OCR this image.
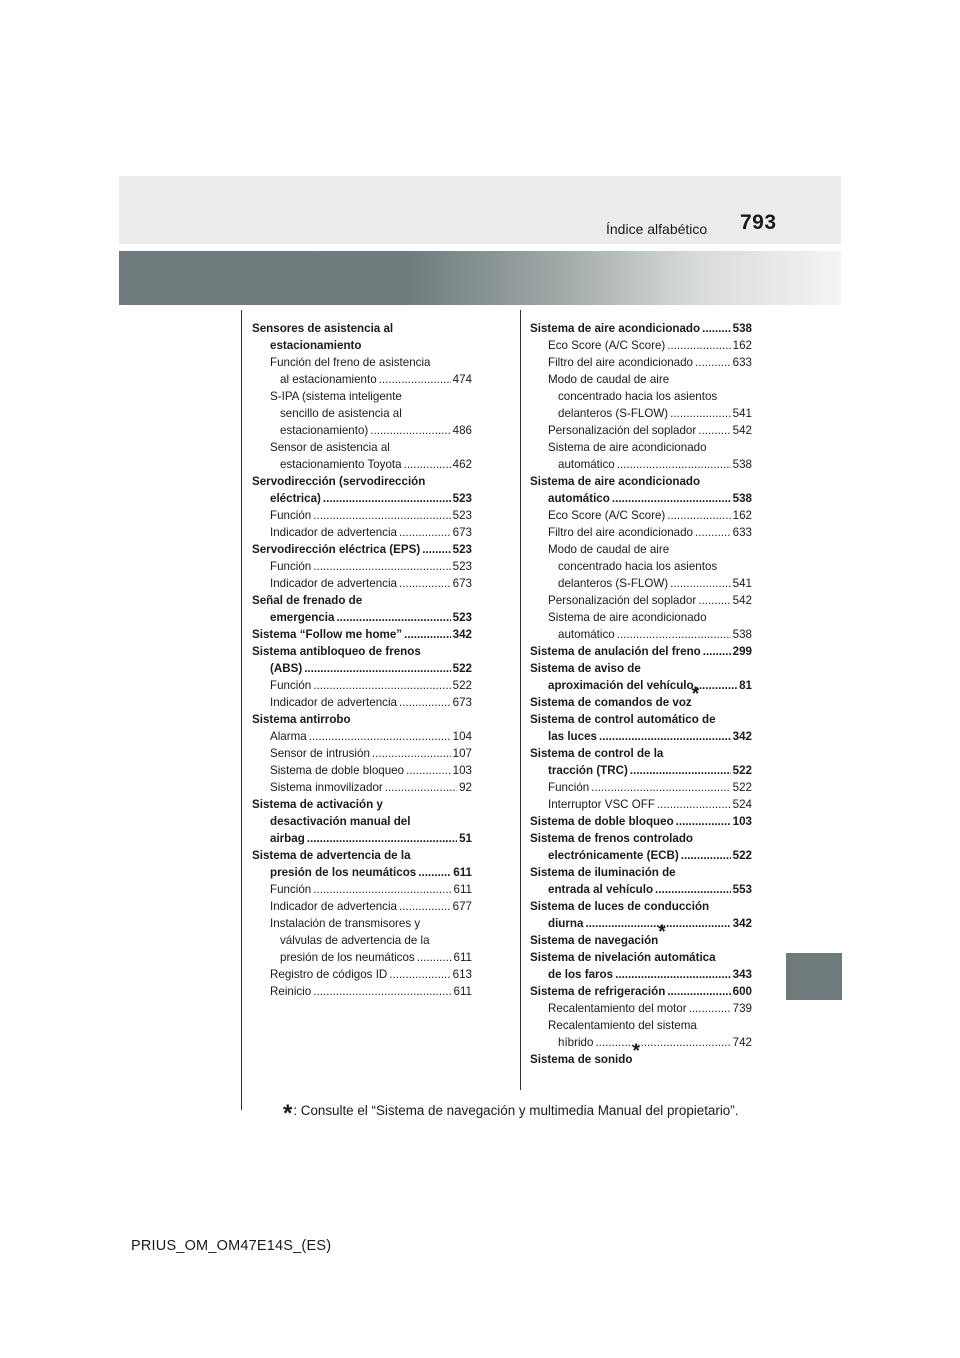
793
Índice alfabético
Sensores de asistencia al
estacionamiento
Función del freno de asistencia
al estacionamiento .....	474
S-IPA (sistema inteligente
sencillo de asistencia al
estacionamiento) .....	486
Sensor de asistencia al
estacionamiento Toyota .....	462
Servodirección (servodirección
eléctrica) .....	523
Función .....	523
Indicador de advertencia .....	673
Servodirección eléctrica (EPS) .....	523
Función .....	523
Indicador de advertencia .....	673
Señal de frenado de
emergencia .....	523
Sistema “Follow me home” .....	342
Sistema antibloqueo de frenos
(ABS) .....	522
Función .....	522
Indicador de advertencia .....	673
Sistema antirrobo
Alarma .....	104
Sensor de intrusión .....	107
Sistema de doble bloqueo .....	103
Sistema inmovilizador .....	92
Sistema de activación y
desactivación manual del
airbag .....	51
Sistema de advertencia de la
presión de los neumáticos .....	611
Función .....	611
Indicador de advertencia .....	677
Instalación de transmisores y
válvulas de advertencia de la
presión de los neumáticos .....	611
Registro de códigos ID .....	613
Reinicio .....	611
Sistema de aire acondicionado .....	538
Eco Score (A/C Score) .....	162
Filtro del aire acondicionado .....	633
Modo de caudal de aire
concentrado hacia los asientos
delanteros (S-FLOW) .....	541
Personalización del soplador .....	542
Sistema de aire acondicionado
automático .....	538
Sistema de aire acondicionado
automático .....	538
Eco Score (A/C Score) .....	162
Filtro del aire acondicionado .....	633
Modo de caudal de aire
concentrado hacia los asientos
delanteros (S-FLOW) .....	541
Personalización del soplador .....	542
Sistema de aire acondicionado
automático .....	538
Sistema de anulación del freno .....	299
Sistema de aviso de
aproximación del vehículo .....	81
Sistema de comandos de voz*
Sistema de control automático de
las luces .....	342
Sistema de control de la
tracción (TRC) .....	522
Función .....	522
Interruptor VSC OFF .....	524
Sistema de doble bloqueo .....	103
Sistema de frenos controlado
electrónicamente (ECB) .....	522
Sistema de iluminación de
entrada al vehículo .....	553
Sistema de luces de conducción
diurna .....	342
Sistema de navegación*
Sistema de nivelación automática
de los faros .....	343
Sistema de refrigeración .....	600
Recalentamiento del motor .....	739
Recalentamiento del sistema
híbrido .....	742
Sistema de sonido*
*: Consulte el “Sistema de navegación y multimedia Manual del propietario”.
PRIUS_OM_OM47E14S_(ES)
